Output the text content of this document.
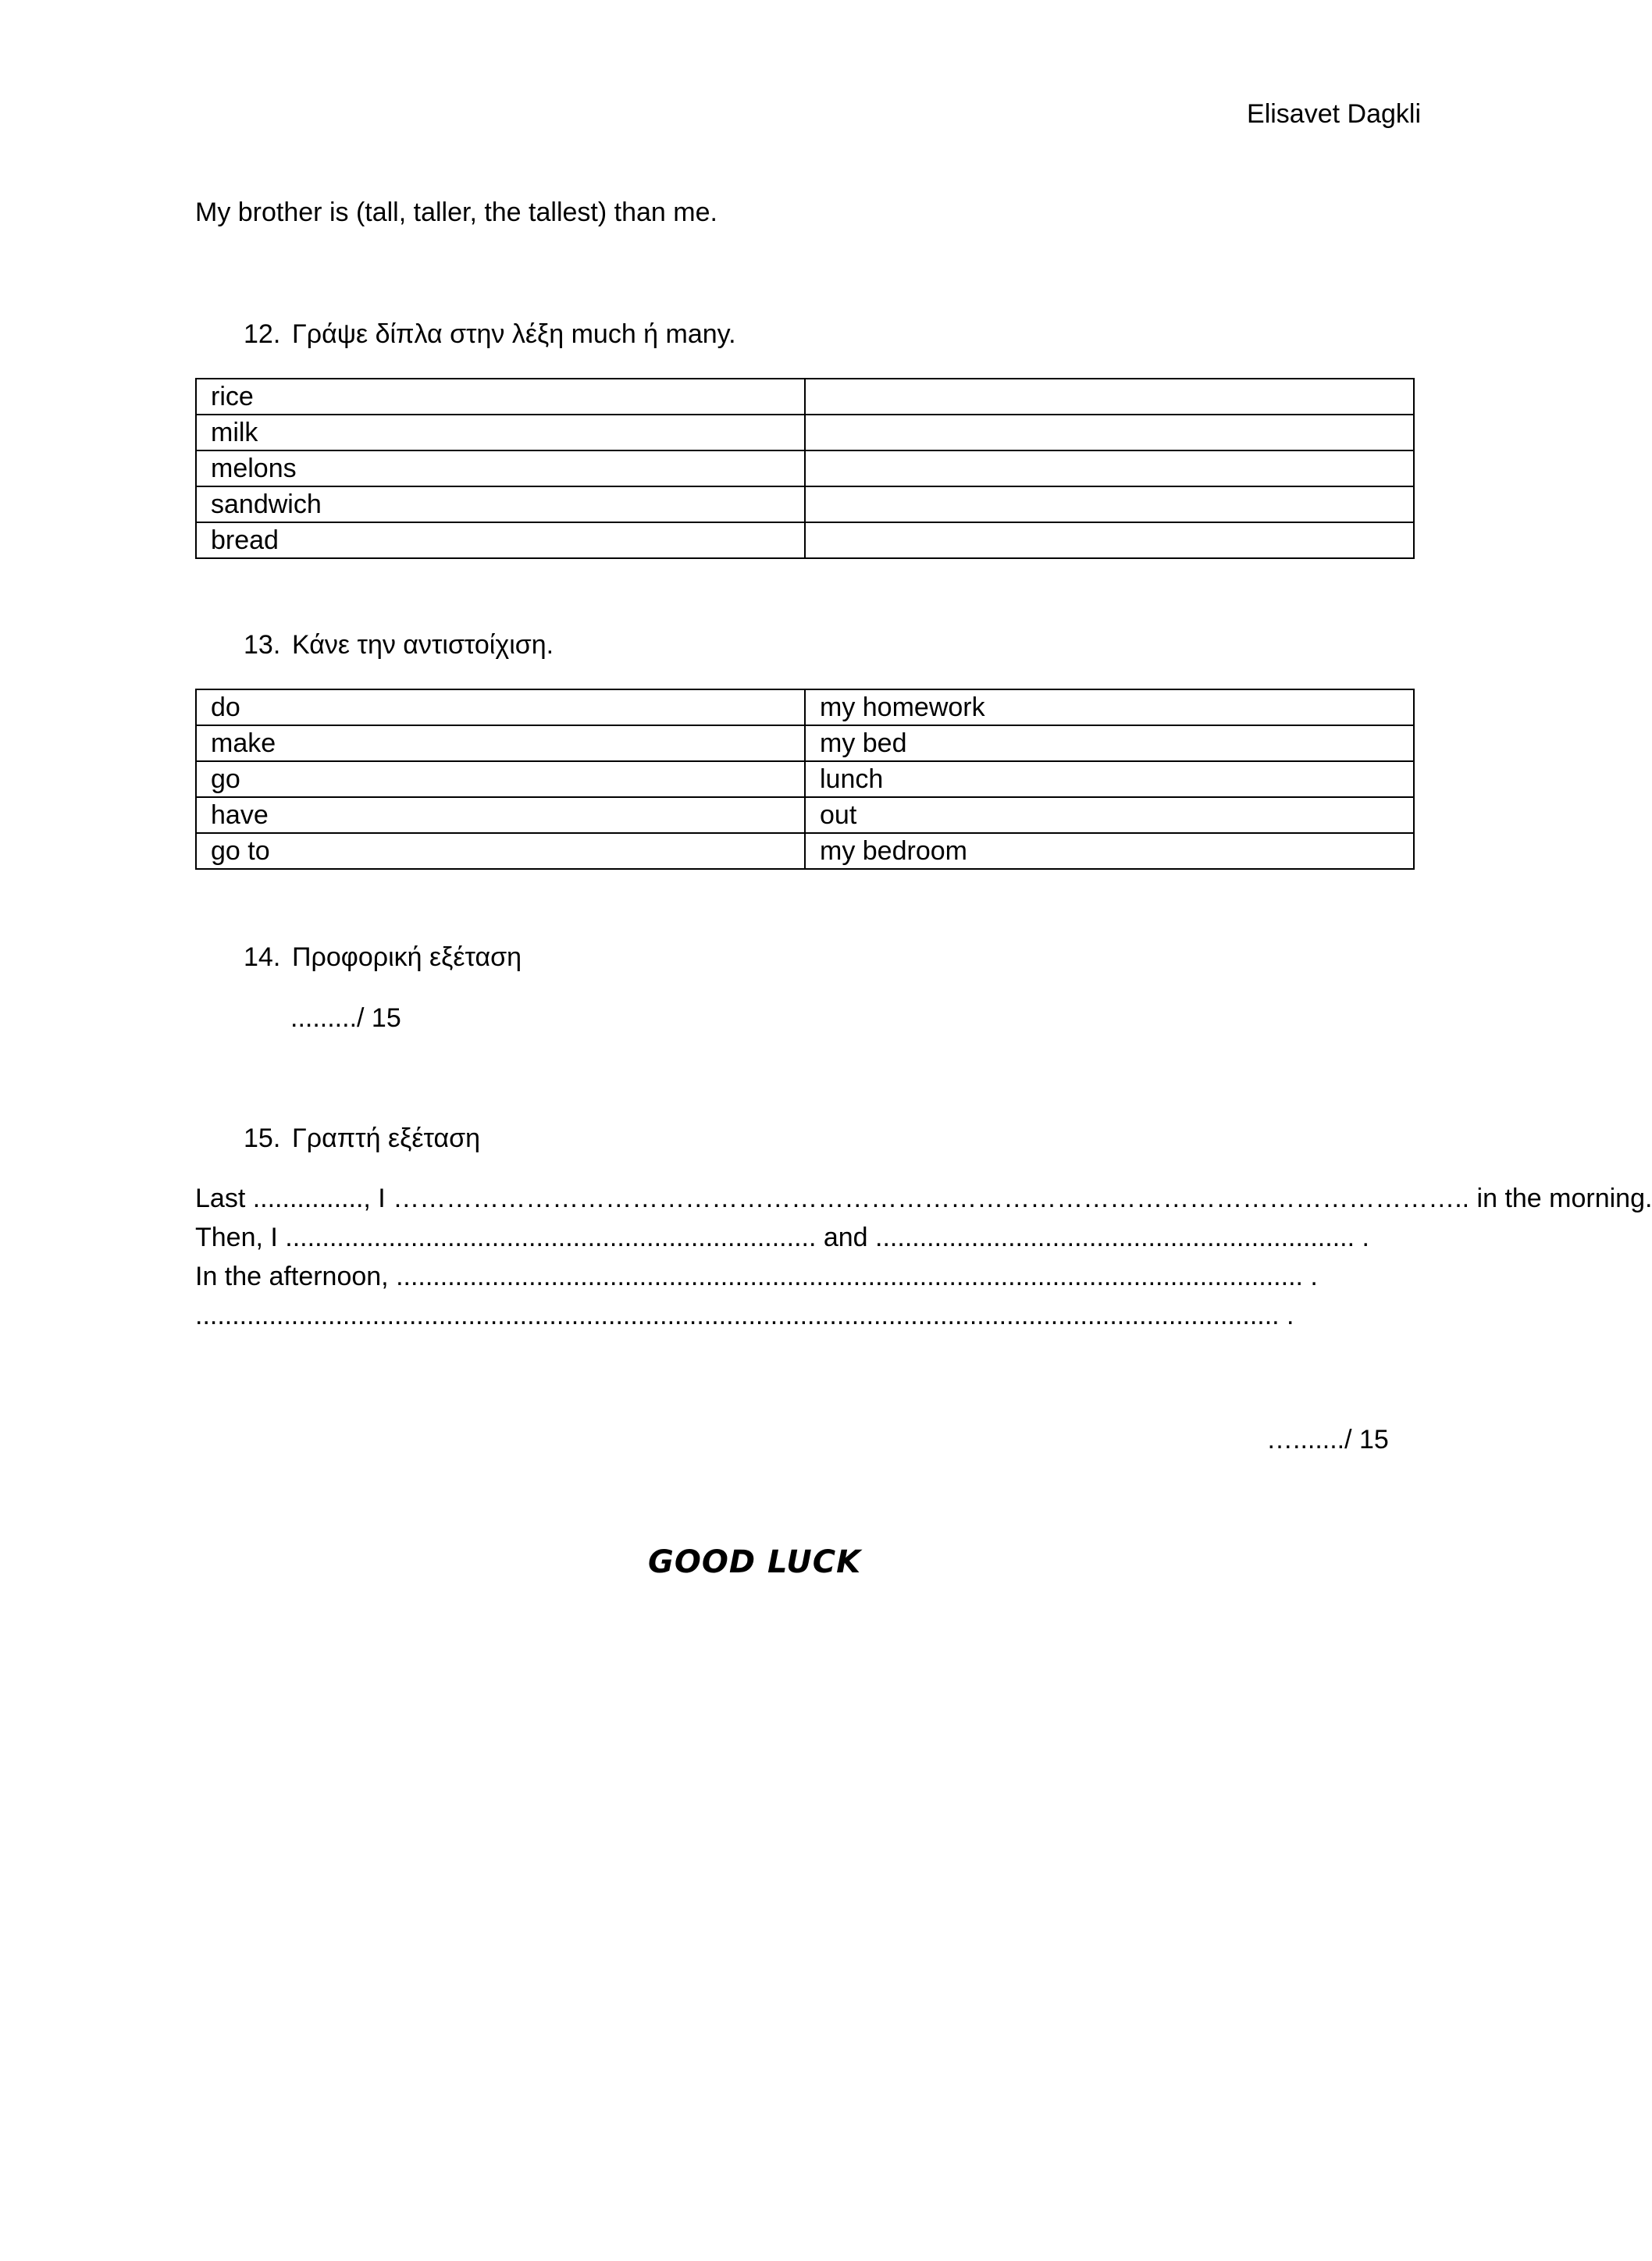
Elisavet Dagkli
My brother is (tall, taller, the tallest) than me.
12. Γράψε δίπλα στην λέξη much ή many.
rice	
milk	
melons	
sandwich	
bread	
13. Κάνε την αντιστοίχιση.
do	my homework
make	my bed
go	lunch
have	out
go to	my bedroom
14. Προφορική εξέταση
........./ 15
15. Γραπτή εξέταση
Last ..............., I ………………………………………………………………………………………………………….. in the morning.
Then, I ........................................................................ and ................................................................. .
In the afternoon, ........................................................................................................................... .
................................................................................................................................................... .
…......./ 15
GOOD LUCK
